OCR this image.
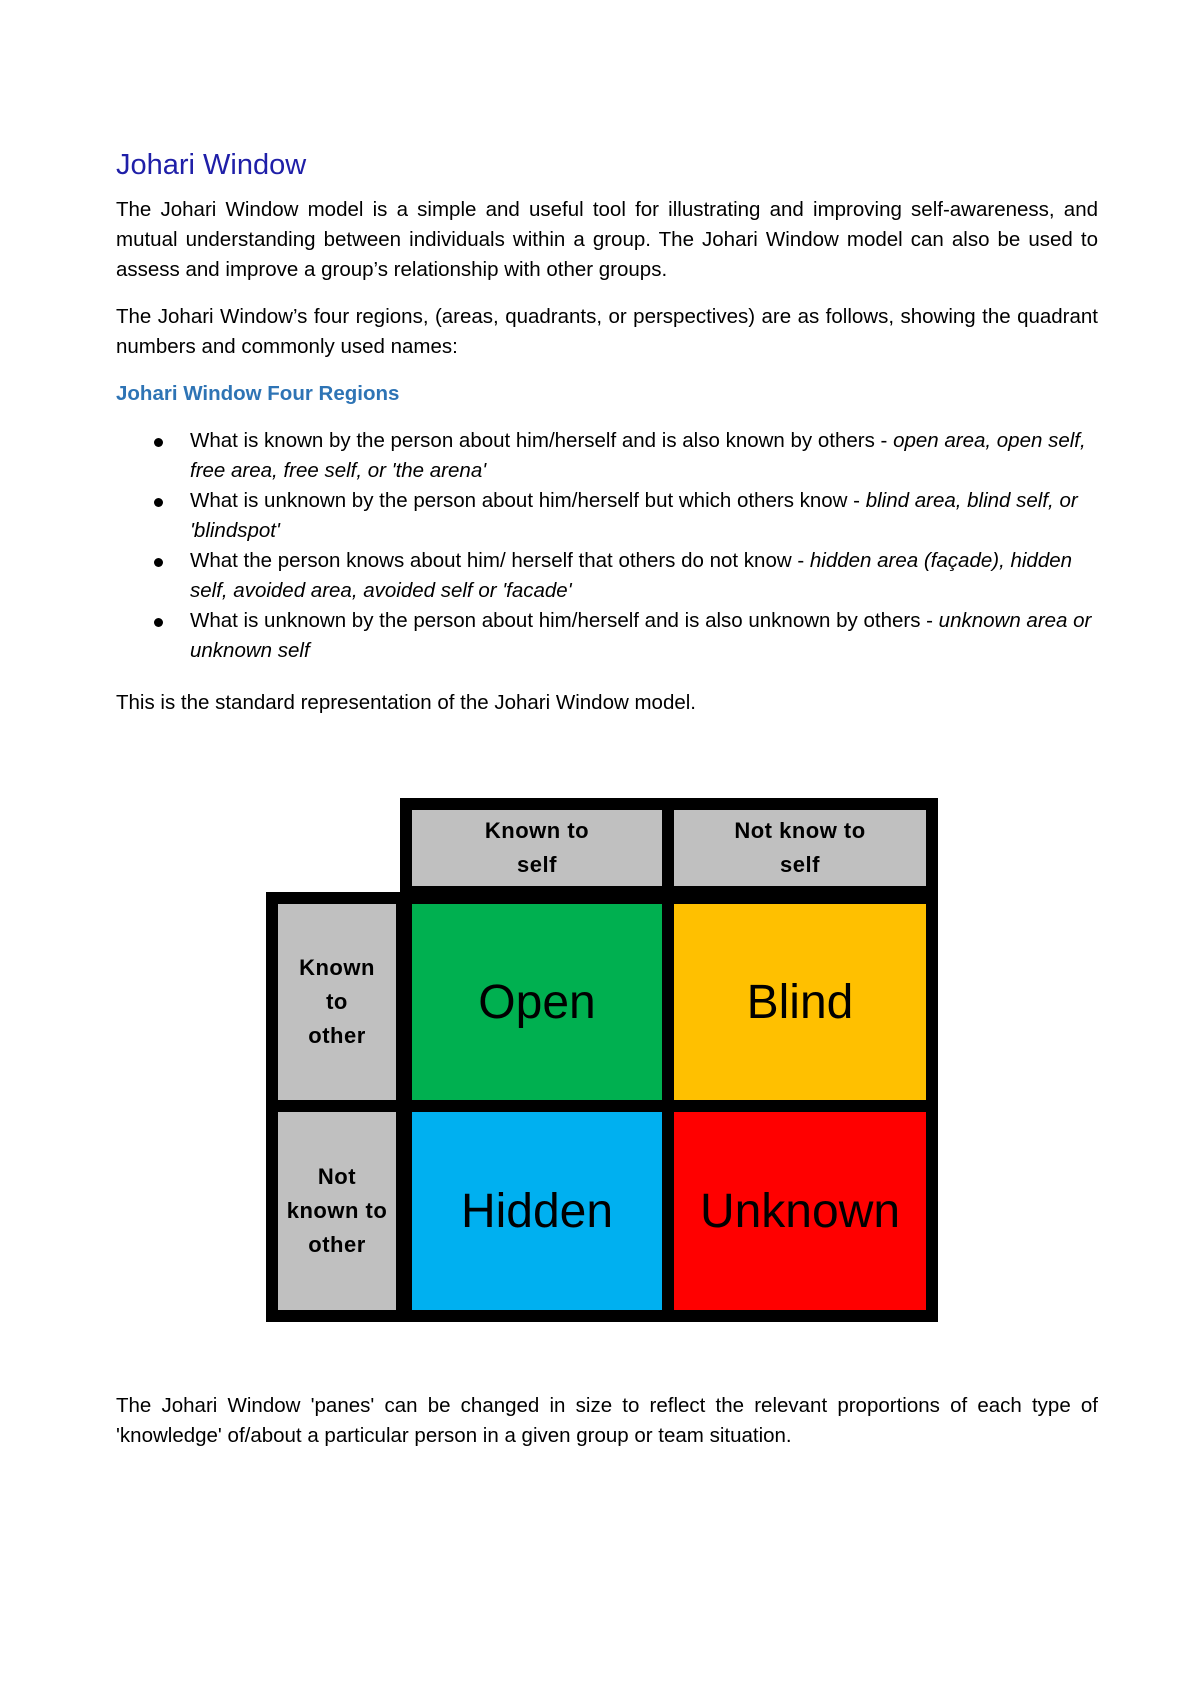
Johari Window

The Johari Window model is a simple and useful tool for illustrating and improving self-awareness, and mutual understanding between individuals within a group. The Johari Window model can also be used to assess and improve a group’s relationship with other groups.

The Johari Window’s four regions, (areas, quadrants, or perspectives) are as follows, showing the quadrant numbers and commonly used names:

Johari Window Four Regions
What is known by the person about him/herself and is also known by others - open area, open self, free area, free self, or 'the arena'
What is unknown by the person about him/herself but which others know - blind area, blind self, or 'blindspot'
What the person knows about him/ herself that others do not know - hidden area (façade), hidden self, avoided area, avoided self or 'facade'
What is unknown by the person about him/herself and is also unknown by others - unknown area or unknown self

This is the standard representation of the Johari Window model.

Known to self
Not know to self
Known to other
Not known to other
Open	Blind
Hidden Unknown

The Johari Window 'panes' can be changed in size to reflect the relevant proportions of each type of 'knowledge' of/about a particular person in a given group or team situation.
